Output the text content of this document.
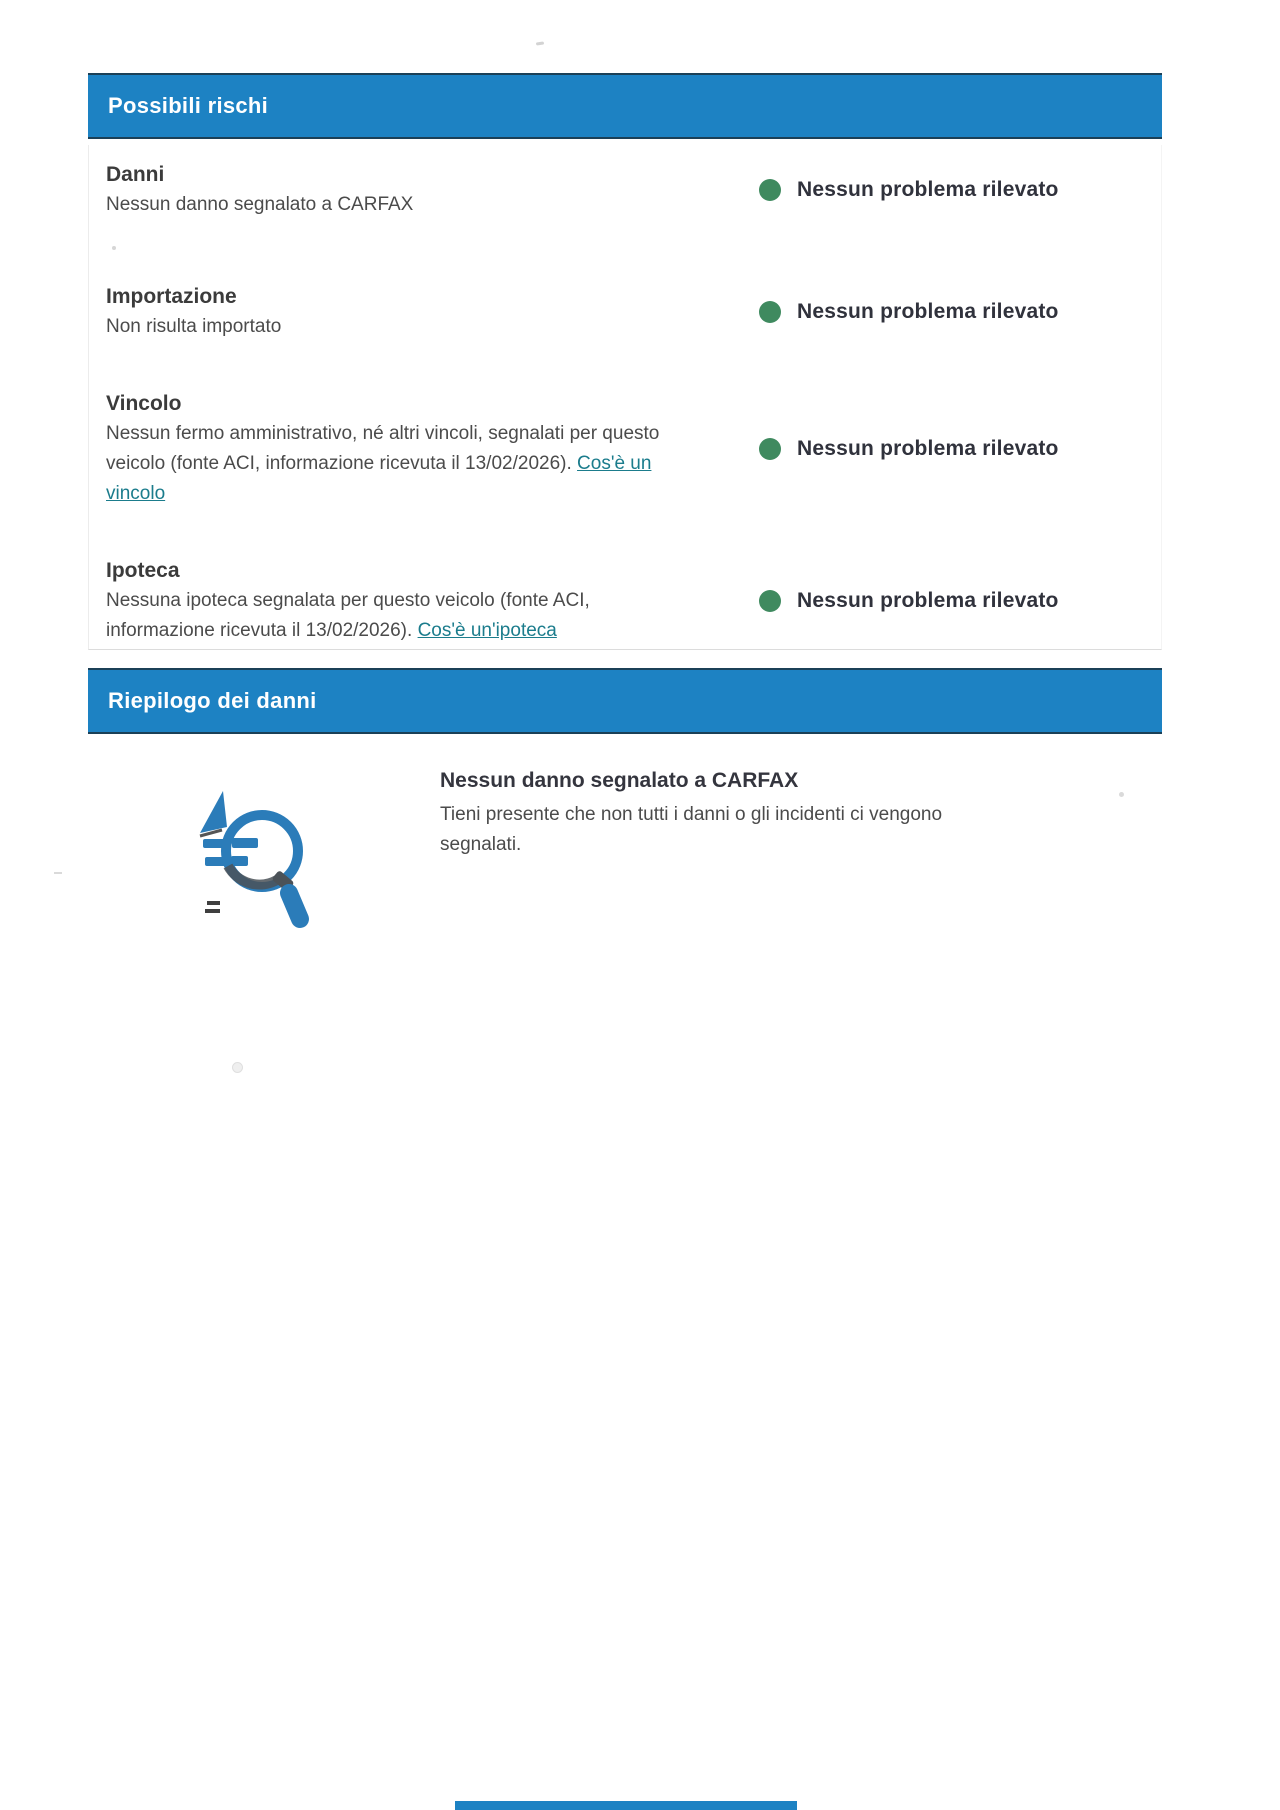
Possibili rischi
Danni
Nessun danno segnalato a CARFAX
Nessun problema rilevato
Importazione
Non risulta importato
Nessun problema rilevato
Vincolo
Nessun fermo amministrativo, né altri vincoli, segnalati per questo veicolo (fonte ACI, informazione ricevuta il 13/02/2026). Cos'è un vincolo
Nessun problema rilevato
Ipoteca
Nessuna ipoteca segnalata per questo veicolo (fonte ACI, informazione ricevuta il 13/02/2026). Cos'è un'ipoteca
Nessun problema rilevato
Riepilogo dei danni
Nessun danno segnalato a CARFAX
Tieni presente che non tutti i danni o gli incidenti ci vengono segnalati.
